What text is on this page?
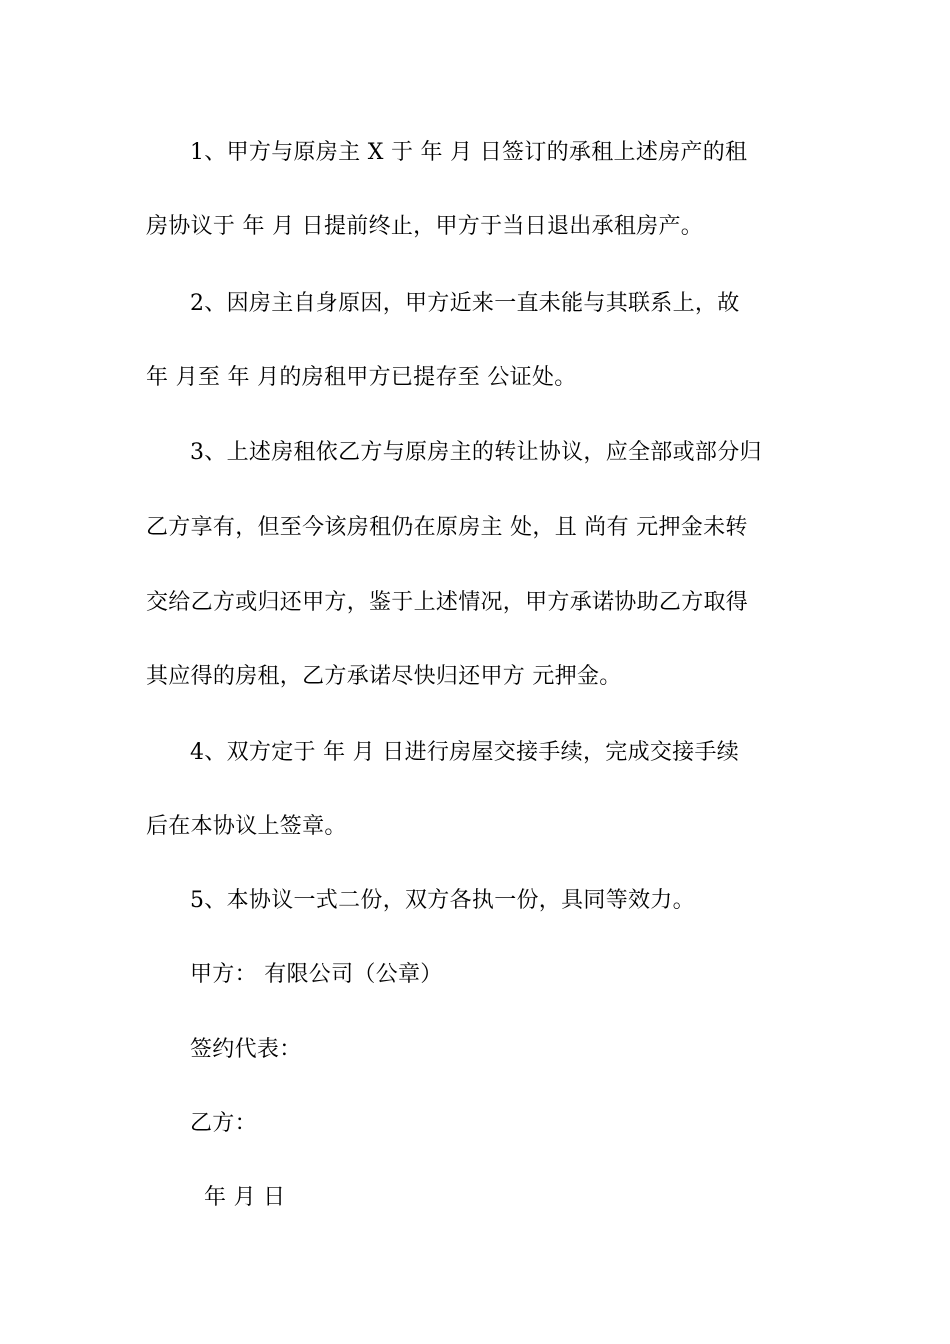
1、甲方与原房主 X 于 年 月 日签订的承租上述房产的租
房协议于 年 月 日提前终止，甲方于当日退出承租房产。
2、因房主自身原因，甲方近来一直未能与其联系上，故
年 月至 年 月的房租甲方已提存至 公证处。
3、上述房租依乙方与原房主的转让协议，应全部或部分归
乙方享有，但至今该房租仍在原房主 处，且 尚有 元押金未转
交给乙方或归还甲方，鉴于上述情况，甲方承诺协助乙方取得
其应得的房租，乙方承诺尽快归还甲方 元押金。
4、双方定于 年 月 日进行房屋交接手续，完成交接手续
后在本协议上签章。
5、本协议一式二份，双方各执一份，具同等效力。
甲方： 有限公司（公章）
签约代表：
乙方：
年 月 日
